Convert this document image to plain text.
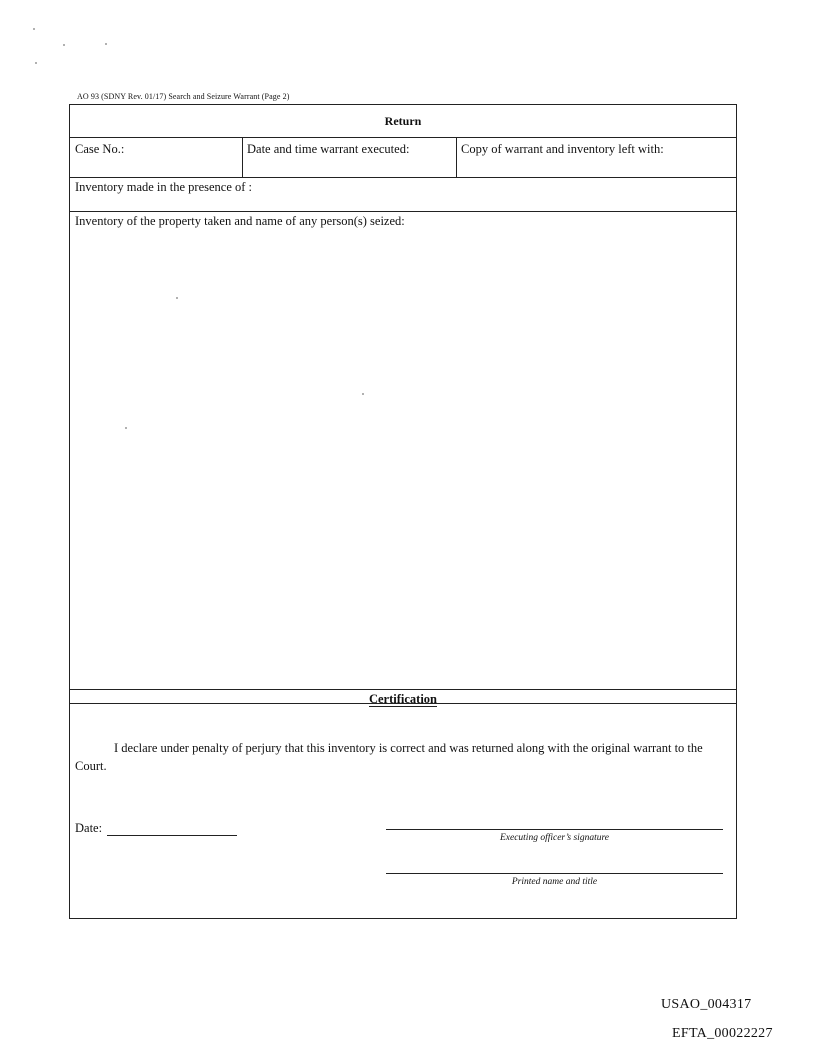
AO 93 (SDNY Rev. 01/17) Search and Seizure Warrant (Page 2)
Return
Case No.:	Date and time warrant executed:	Copy of warrant and inventory left with:
Inventory made in the presence of :
Inventory of the property taken and name of any person(s) seized:
Certification

I declare under penalty of perjury that this inventory is correct and was returned along with the original warrant to the Court.

Date:
Executing officer’s signature
Printed name and title
USAO_004317
EFTA_00022227
